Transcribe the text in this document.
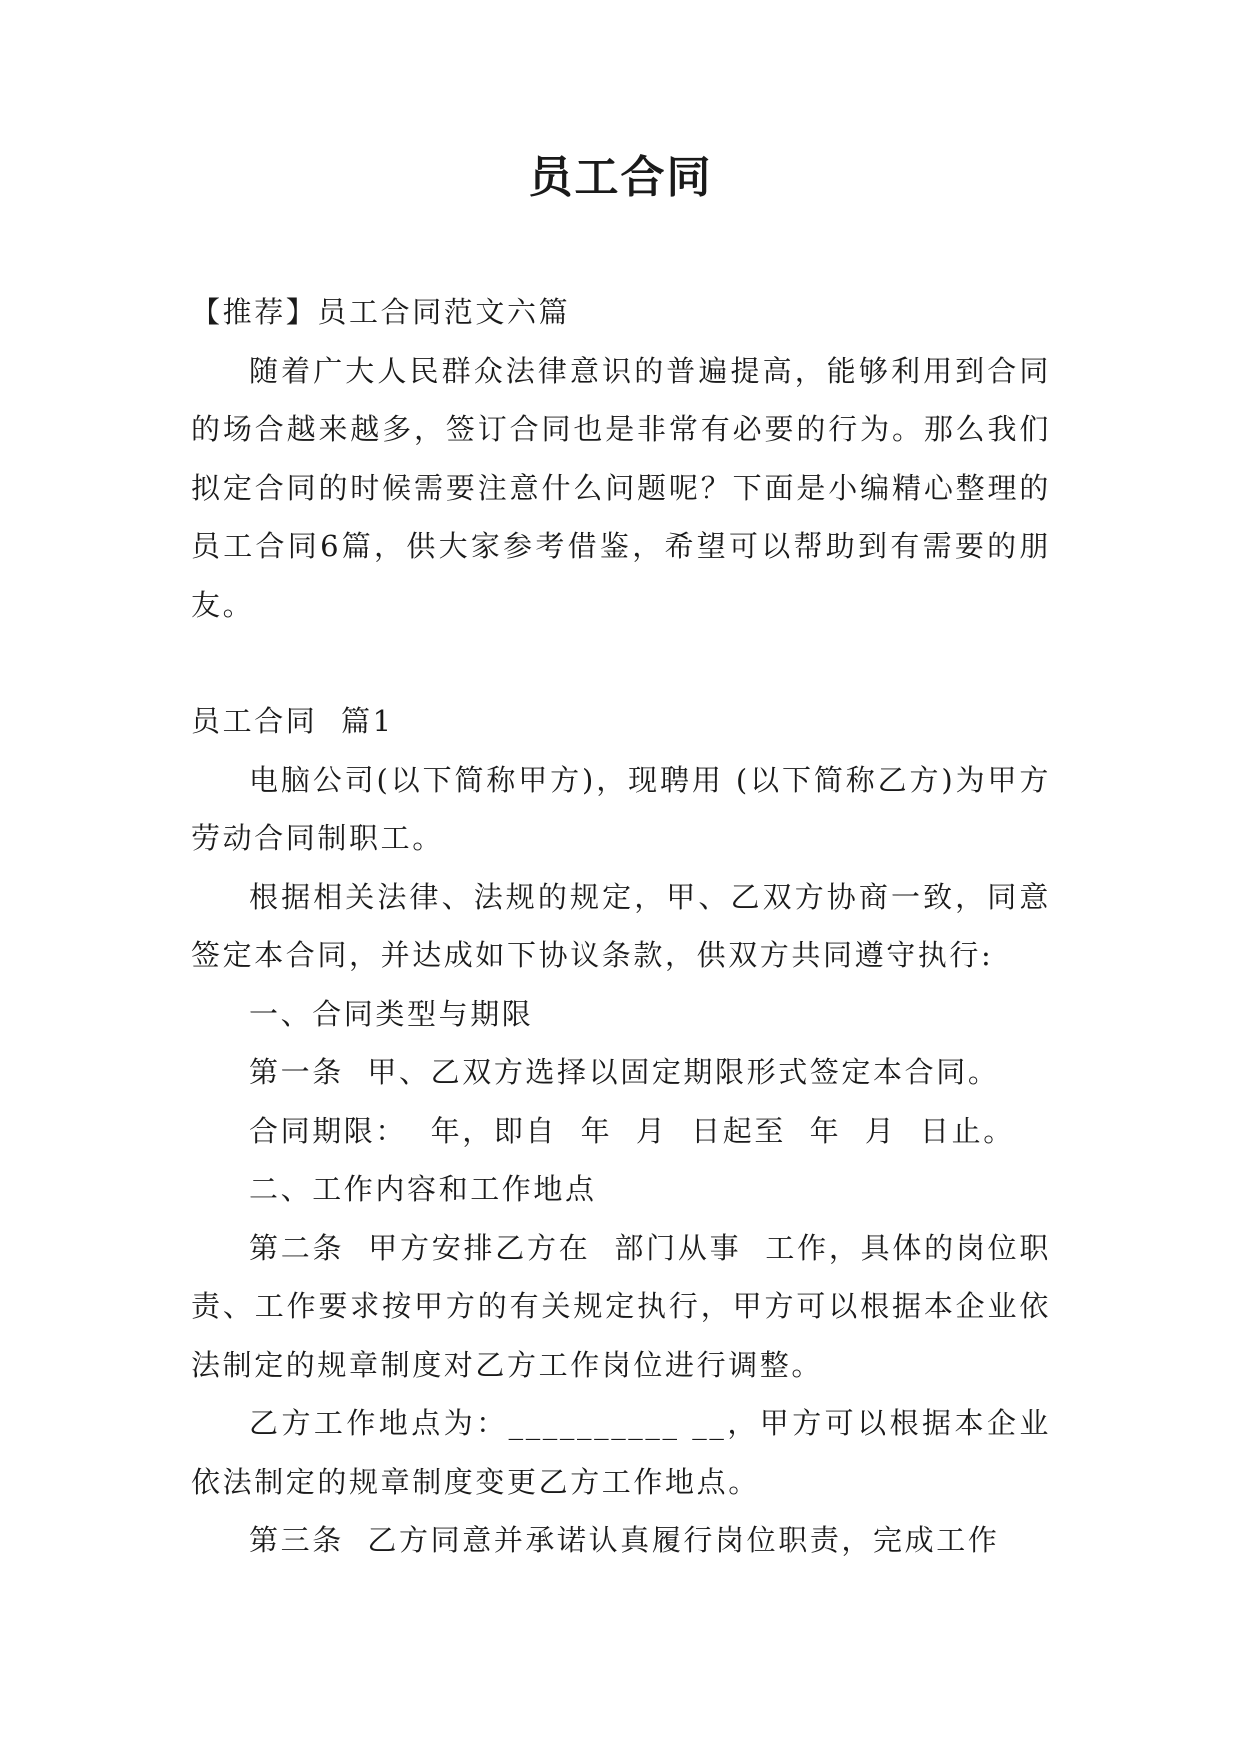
员工合同

【推荐】员工合同范文六篇

随着广大人民群众法律意识的普遍提高，能够利用到合同的场合越来越多，签订合同也是非常有必要的行为。那么我们拟定合同的时候需要注意什么问题呢？下面是小编精心整理的员工合同6篇，供大家参考借鉴，希望可以帮助到有需要的朋友。

员工合同  篇1

电脑公司(以下简称甲方)，现聘用 (以下简称乙方)为甲方劳动合同制职工。

根据相关法律、法规的规定，甲、乙双方协商一致，同意签定本合同，并达成如下协议条款，供双方共同遵守执行:

一、合同类型与期限

第一条  甲、乙双方选择以固定期限形式签定本合同。

合同期限：  年，即自  年  月  日起至  年  月  日止。

二、工作内容和工作地点

第二条  甲方安排乙方在  部门从事  工作，具体的岗位职责、工作要求按甲方的有关规定执行，甲方可以根据本企业依法制定的规章制度对乙方工作岗位进行调整。

乙方工作地点为：__________ __，甲方可以根据本企业依法制定的规章制度变更乙方工作地点。

第三条  乙方同意并承诺认真履行岗位职责，完成工作
